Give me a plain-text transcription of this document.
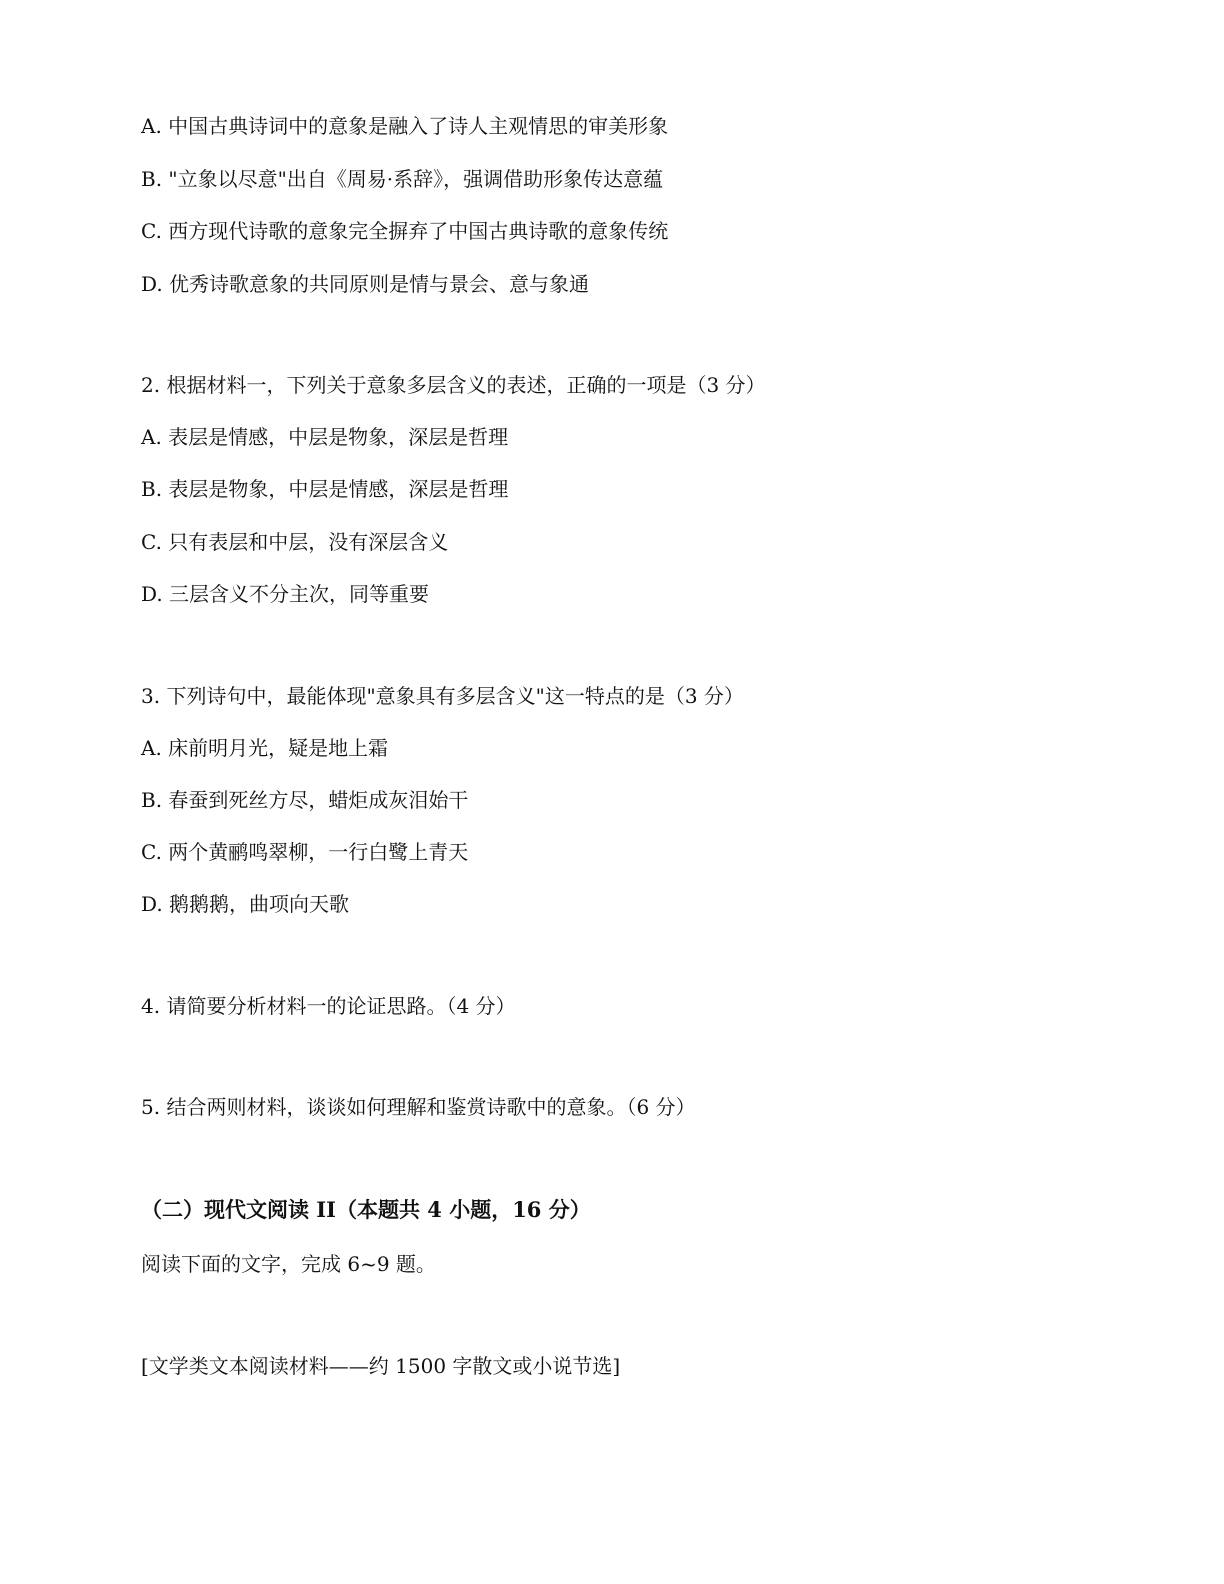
A. 中国古典诗词中的意象是融入了诗人主观情思的审美形象
B. "立象以尽意"出自《周易·系辞》，强调借助形象传达意蕴
C. 西方现代诗歌的意象完全摒弃了中国古典诗歌的意象传统
D. 优秀诗歌意象的共同原则是情与景会、意与象通
2. 根据材料一，下列关于意象多层含义的表述，正确的一项是（3 分）
A. 表层是情感，中层是物象，深层是哲理
B. 表层是物象，中层是情感，深层是哲理
C. 只有表层和中层，没有深层含义
D. 三层含义不分主次，同等重要
3. 下列诗句中，最能体现"意象具有多层含义"这一特点的是（3 分）
A. 床前明月光，疑是地上霜
B. 春蚕到死丝方尽，蜡炬成灰泪始干
C. 两个黄鹂鸣翠柳，一行白鹭上青天
D. 鹅鹅鹅，曲项向天歌
4. 请简要分析材料一的论证思路。（4 分）
5. 结合两则材料，谈谈如何理解和鉴赏诗歌中的意象。（6 分）
（二）现代文阅读 II（本题共 4 小题，16 分）
阅读下面的文字，完成 6~9 题。
[文学类文本阅读材料——约 1500 字散文或小说节选]
